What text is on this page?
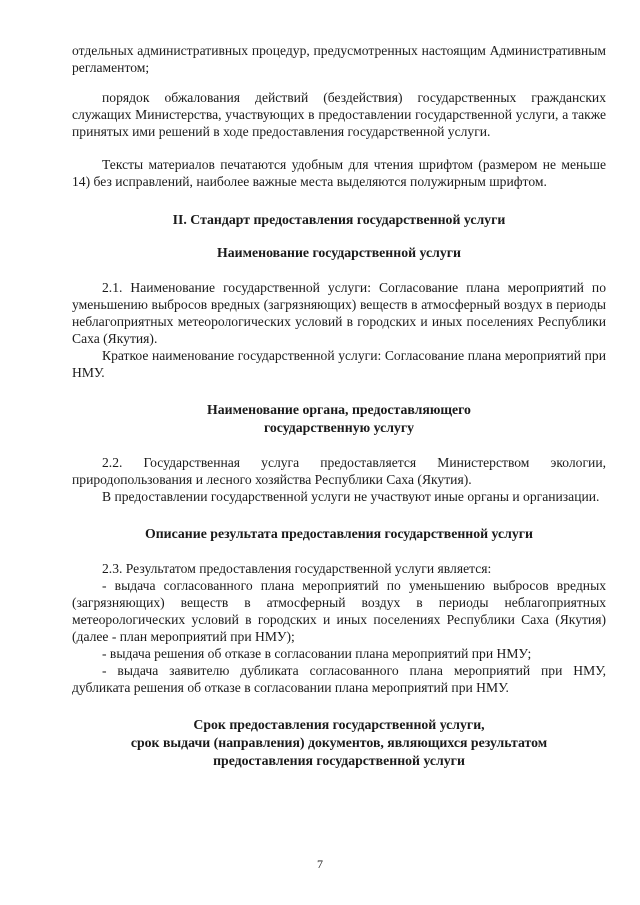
отдельных административных процедур, предусмотренных настоящим Административным регламентом;

порядок обжалования действий (бездействия) государственных гражданских служащих Министерства, участвующих в предоставлении государственной услуги, а также принятых ими решений в ходе предоставления государственной услуги.

Тексты материалов печатаются удобным для чтения шрифтом (размером не меньше 14) без исправлений, наиболее важные места выделяются полужирным шрифтом.

II. Стандарт предоставления государственной услуги
Наименование государственной услуги

2.1. Наименование государственной услуги: Согласование плана мероприятий по уменьшению выбросов вредных (загрязняющих) веществ в атмосферный воздух в периоды неблагоприятных метеорологических условий в городских и иных поселениях Республики Саха (Якутия).

Краткое наименование государственной услуги: Согласование плана мероприятий при НМУ.

Наименование органа, предоставляющего
государственную услугу

2.2. Государственная услуга предоставляется Министерством экологии, природопользования и лесного хозяйства Республики Саха (Якутия).

В предоставлении государственной услуги не участвуют иные органы и организации.

Описание результата предоставления государственной услуги

2.3. Результатом предоставления государственной услуги является:

- выдача согласованного плана мероприятий по уменьшению выбросов вредных (загрязняющих) веществ в атмосферный воздух в периоды неблагоприятных метеорологических условий в городских и иных поселениях Республики Саха (Якутия) (далее - план мероприятий при НМУ);

- выдача решения об отказе в согласовании плана мероприятий при НМУ;

- выдача заявителю дубликата согласованного плана мероприятий при НМУ, дубликата решения об отказе в согласовании плана мероприятий при НМУ.

Срок предоставления государственной услуги,
срок выдачи (направления) документов, являющихся результатом
предоставления государственной услуги
7
